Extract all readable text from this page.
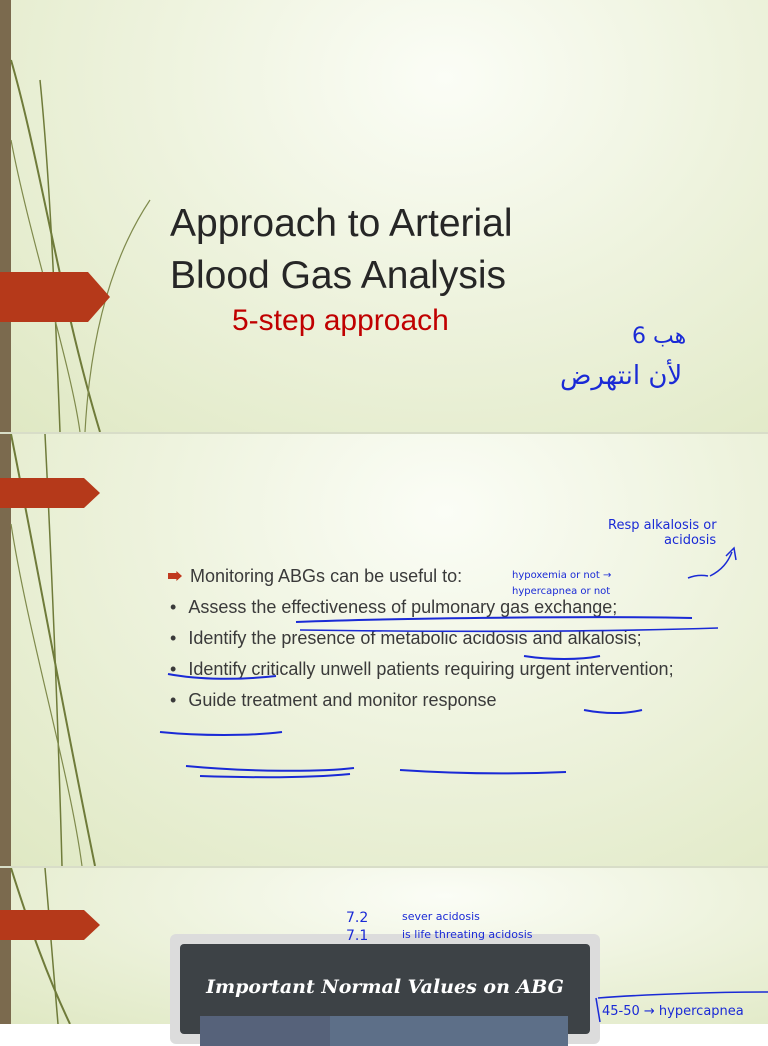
Approach to Arterial
Blood Gas Analysis

5-step approach	ﻫﺐ 6
ﻟﺄﻥ ﺍﻧﺘﻬﺮﺽ
Monitoring ABGs can be useful to:
• Assess the effectiveness of pulmonary gas exchange;
• Identify the presence of metabolic acidosis and alkalosis;
• Identify critically unwell patients requiring urgent intervention;
• Guide treatment and monitor response
Resp alkalosis or
acidosis
hypoxemia or not →
hypercapnea or not
Important Normal Values on ABG
7.2
7.1
sever acidosis
is life threating acidosis
45-50 → hypercapnea
